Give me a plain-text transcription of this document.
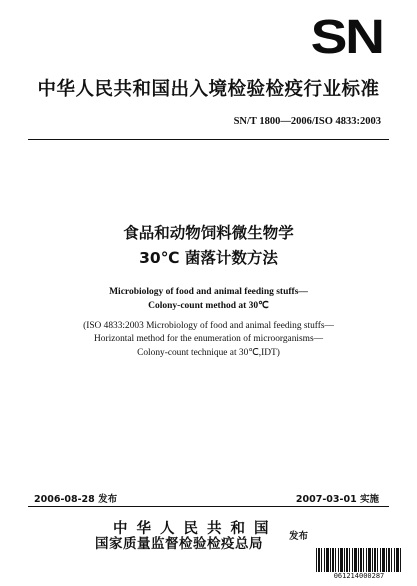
SN
中华人民共和国出入境检验检疫行业标准
SN/T 1800—2006/ISO 4833:2003
食品和动物饲料微生物学
30℃ 菌落计数方法
Microbiology of food and animal feeding stuffs—
Colony-count method at 30℃
(ISO 4833:2003 Microbiology of food and animal feeding stuffs—
Horizontal method for the enumeration of microorganisms—
Colony-count technique at 30℃,IDT)
2006-08-28 发布	2007-03-01 实施
中华人民共和国
国家质量监督检验检疫总局	发布
061214000287
